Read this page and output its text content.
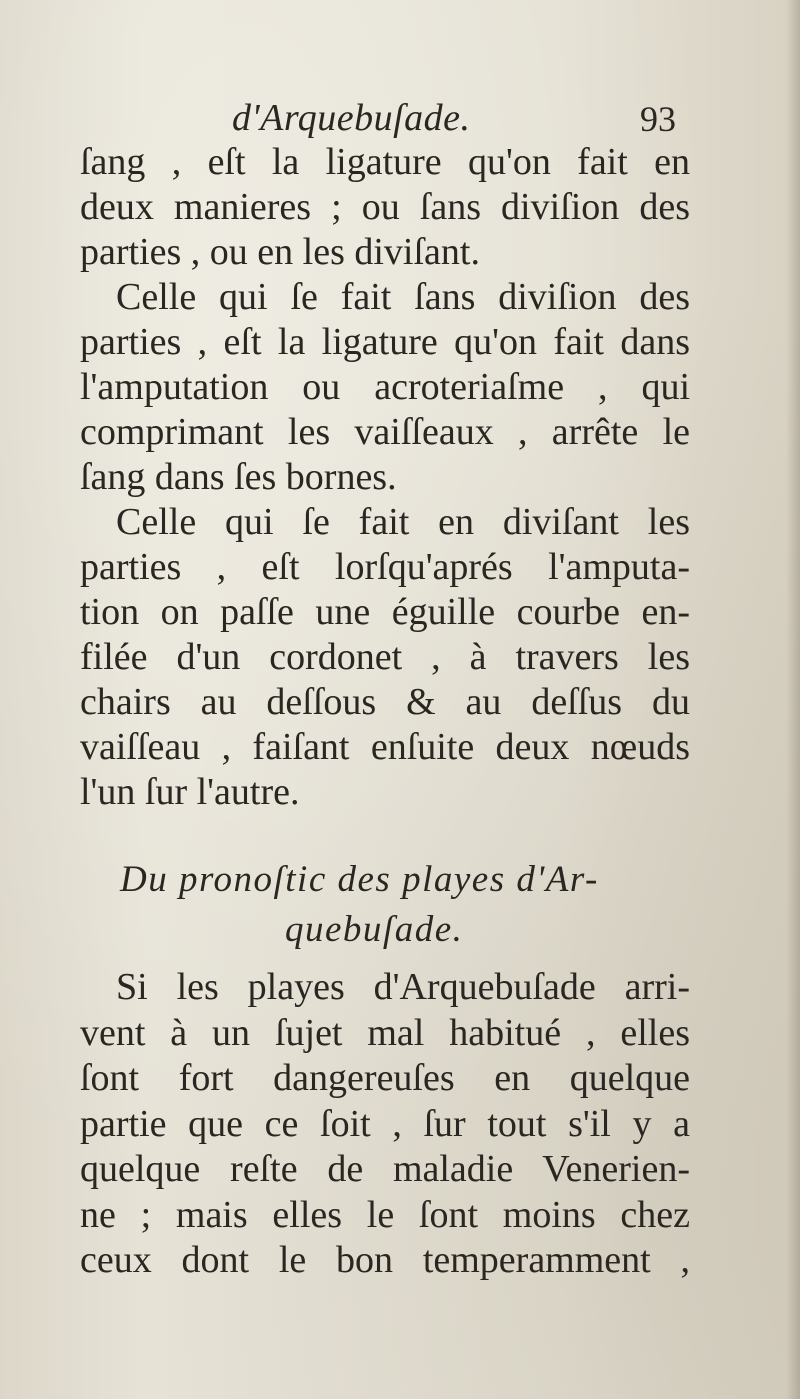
d'Arquebuſade.	93
ſang , eſt la ligature qu'on fait en
deux manieres ; ou ſans diviſion des
parties , ou en les diviſant.
Celle qui ſe fait ſans diviſion des
parties , eſt la ligature qu'on fait dans
l'amputation ou acroteriaſme , qui
comprimant les vaiſſeaux , arrête le
ſang dans ſes bornes.
Celle qui ſe fait en diviſant les
parties , eſt lorſqu'aprés l'amputa-
tion on paſſe une éguille courbe en-
filée d'un cordonet , à travers les
chairs au deſſous & au deſſus du
vaiſſeau , faiſant enſuite deux nœuds
l'un ſur l'autre.
Du pronoſtic des playes d'Ar-
quebuſade.
Si les playes d'Arquebuſade arri-
vent à un ſujet mal habitué , elles
ſont fort dangereuſes en quelque
partie que ce ſoit , ſur tout s'il y a
quelque reſte de maladie Venerien-
ne ; mais elles le ſont moins chez
ceux dont le bon temperamment ,
